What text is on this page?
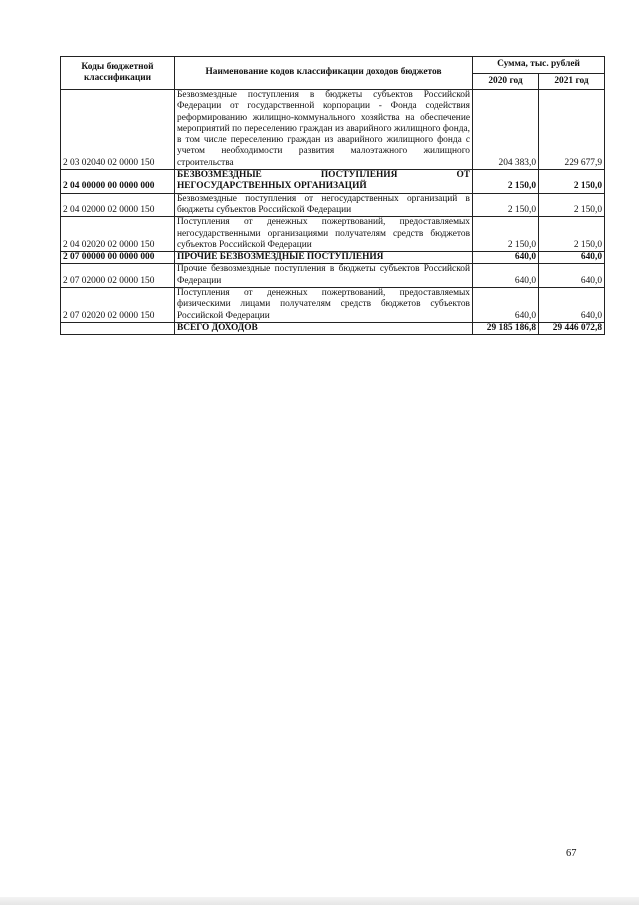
Коды бюджетной классификации	Наименование кодов классификации доходов бюджетов	Сумма, тыс. рублей	
		2020 год	2021 год
2 03 02040 02 0000 150	Безвозмездные поступления в бюджеты субъектов Российской Федерации от государственной корпорации - Фонда содействия реформированию жилищно-коммунального хозяйства на обеспечение мероприятий по переселению граждан из аварийного жилищного фонда, в том числе переселению граждан из аварийного жилищного фонда с учетом необходимости развития малоэтажного жилищного строительства	204 383,0	229 677,9
2 04 00000 00 0000 000	БЕЗВОЗМЕЗДНЫЕ ПОСТУПЛЕНИЯ ОТ НЕГОСУДАРСТВЕННЫХ ОРГАНИЗАЦИЙ	2 150,0	2 150,0
2 04 02000 02 0000 150	Безвозмездные поступления от негосударственных организаций в бюджеты субъектов Российской Федерации	2 150,0	2 150,0
2 04 02020 02 0000 150	Поступления от денежных пожертвований, предоставляемых негосударственными организациями получателям средств бюджетов субъектов Российской Федерации	2 150,0	2 150,0
2 07 00000 00 0000 000	ПРОЧИЕ БЕЗВОЗМЕЗДНЫЕ ПОСТУПЛЕНИЯ	640,0	640,0
2 07 02000 02 0000 150	Прочие безвозмездные поступления в бюджеты субъектов Российской Федерации	640,0	640,0
2 07 02020 02 0000 150	Поступления от денежных пожертвований, предоставляемых физическими лицами получателям средств бюджетов субъектов Российской Федерации	640,0	640,0
	ВСЕГО ДОХОДОВ	29 185 186,8	29 446 072,8
67
